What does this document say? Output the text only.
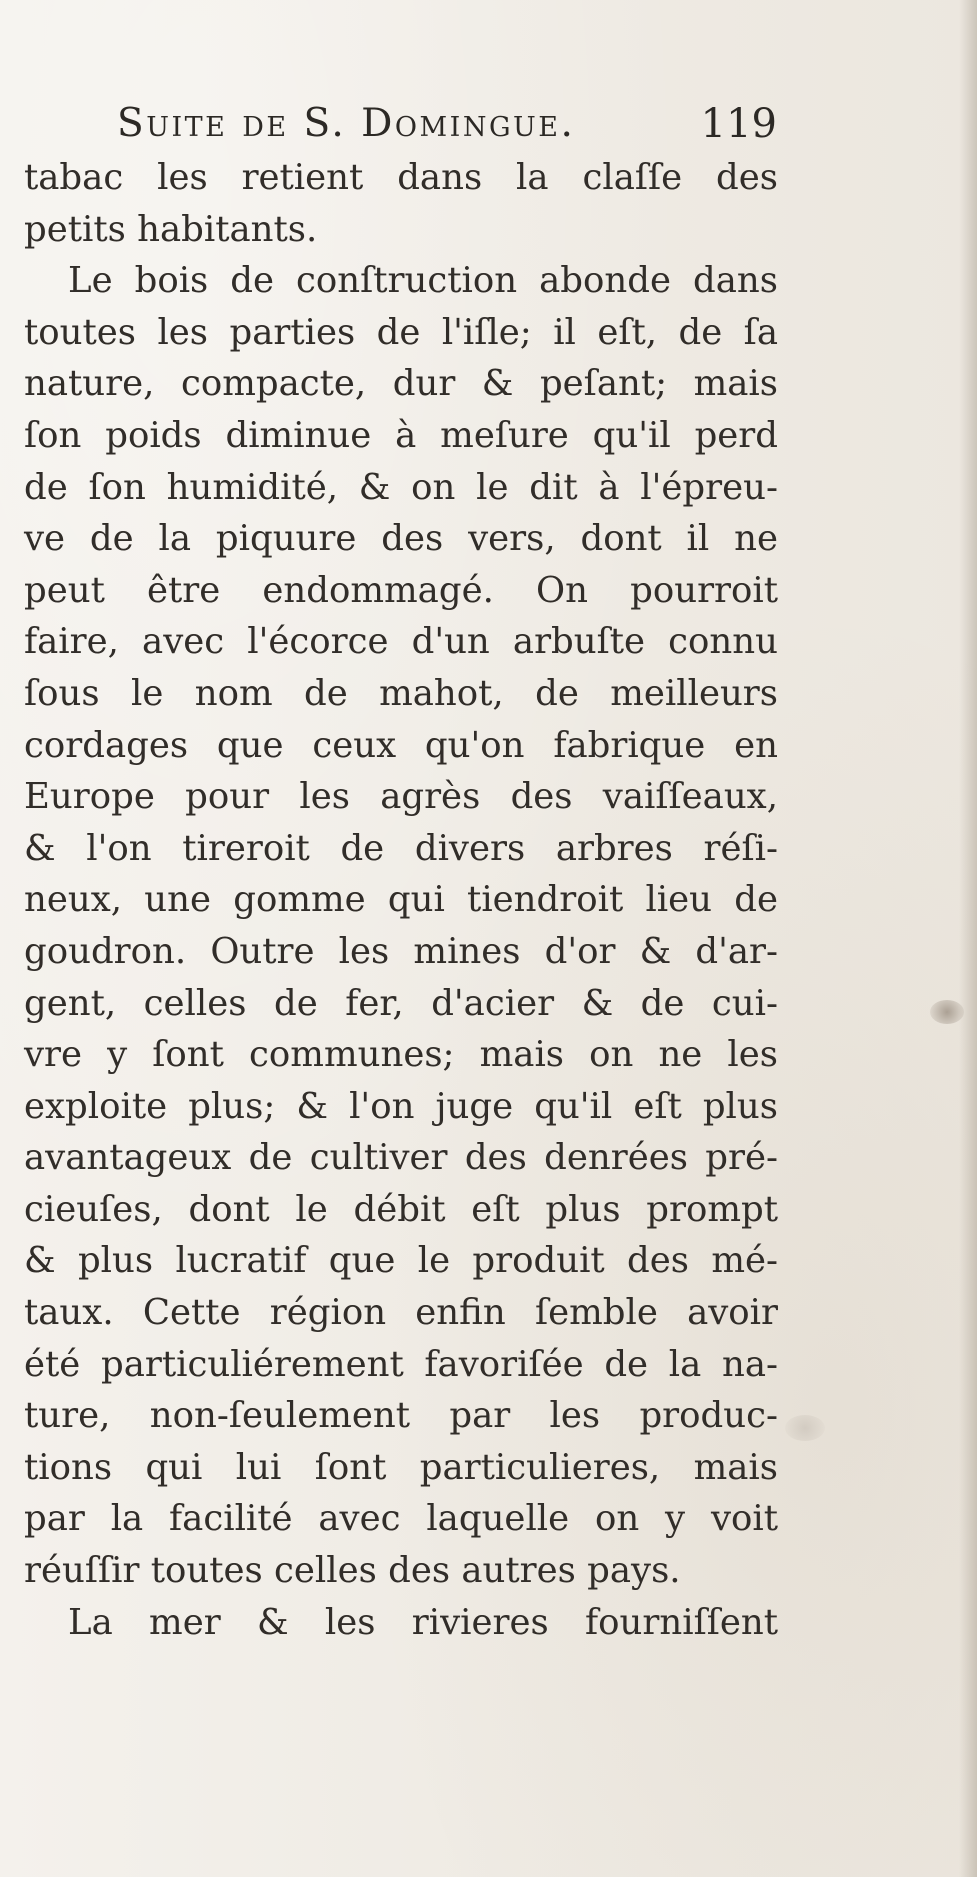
Suite de S. Domingue.	119
tabac les retient dans la claſſe des
petits habitants.
Le bois de conſtruction abonde dans
toutes les parties de l'iſle; il eſt, de ſa
nature, compacte, dur & peſant; mais
ſon poids diminue à meſure qu'il perd
de ſon humidité, & on le dit à l'épreu-
ve de la piquure des vers, dont il ne
peut être endommagé. On pourroit
faire, avec l'écorce d'un arbuſte connu
ſous le nom de mahot, de meilleurs
cordages que ceux qu'on fabrique en
Europe pour les agrès des vaiſſeaux,
& l'on tireroit de divers arbres réſi-
neux, une gomme qui tiendroit lieu de
goudron. Outre les mines d'or & d'ar-
gent, celles de fer, d'acier & de cui-
vre y ſont communes; mais on ne les
exploite plus; & l'on juge qu'il eſt plus
avantageux de cultiver des denrées pré-
cieuſes, dont le débit eſt plus prompt
& plus lucratif que le produit des mé-
taux. Cette région enfin ſemble avoir
été particuliérement favoriſée de la na-
ture, non-ſeulement par les produc-
tions qui lui ſont particulieres, mais
par la facilité avec laquelle on y voit
réuſſir toutes celles des autres pays.
La mer & les rivieres fourniſſent
